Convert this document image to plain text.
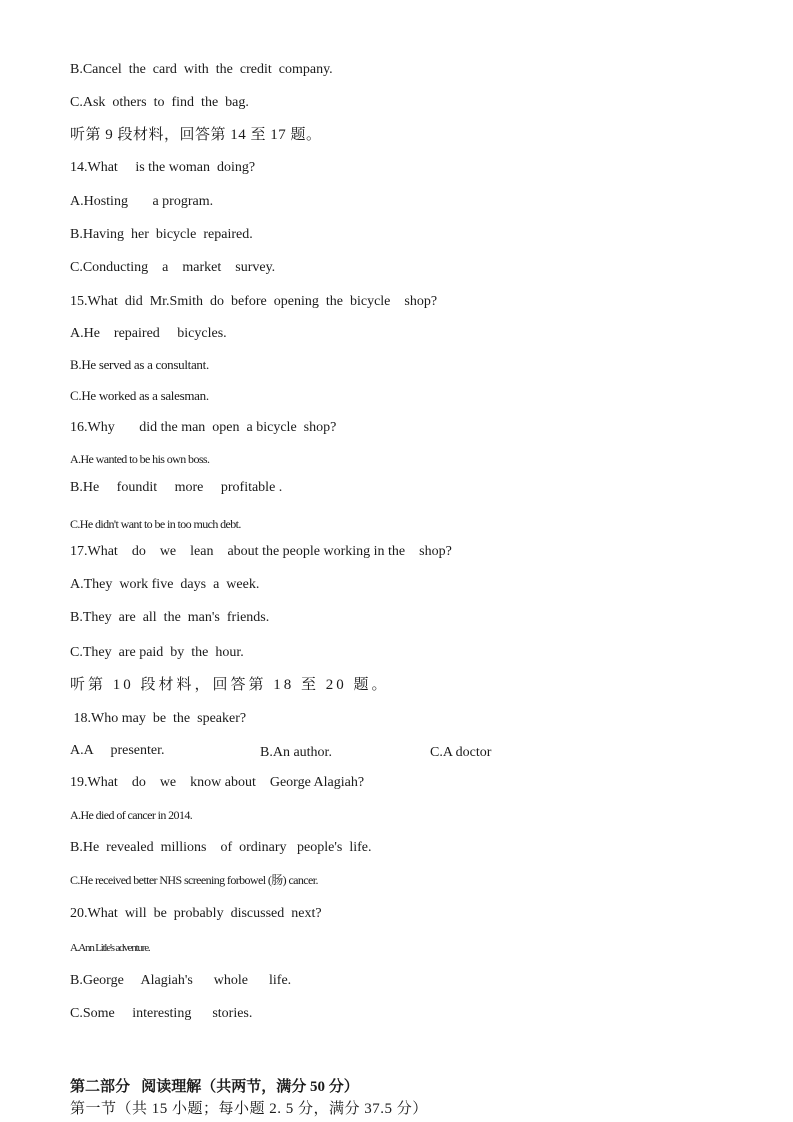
B.Cancel  the  card  with  the  credit  company.
C.Ask  others  to  find  the  bag.
听第 9 段材料，回答第 14 至 17 题。
14.What     is the woman  doing?
A.Hosting       a program.
B.Having  her  bicycle  repaired.
C.Conducting    a    market    survey.
15.What  did  Mr.Smith  do  before  opening  the  bicycle    shop?
A.He    repaired     bicycles.
B.He served as a consultant.
C.He worked as a salesman.
16.Why       did the man  open  a bicycle  shop?
A.He wanted to be his own boss.
B.He     foundit     more     profitable .
C.He didn't want to be in too much debt.
17.What    do    we    lean    about the people working in the    shop?
A.They  work five  days  a  week.
B.They  are  all  the  man's  friends.
C.They  are paid  by  the  hour.
听第 10 段材料，回答第 18 至 20 题。
18.Who may  be  the  speaker?
A.A     presenter.	B.An author.	C.A doctor
19.What    do    we    know about    George Alagiah?
A.He died of cancer in 2014.
B.He  revealed  millions    of  ordinary   people's  life.
C.He received better NHS screening forbowel (肠) cancer.
20.What  will  be  probably  discussed  next?
A.Ann Litle's adventure.
B.George     Alagiah's      whole      life.
C.Some     interesting      stories.
第二部分   阅读理解（共两节，满分 50 分）
第一节（共 15 小题；每小题 2. 5 分，满分 37.5 分）
